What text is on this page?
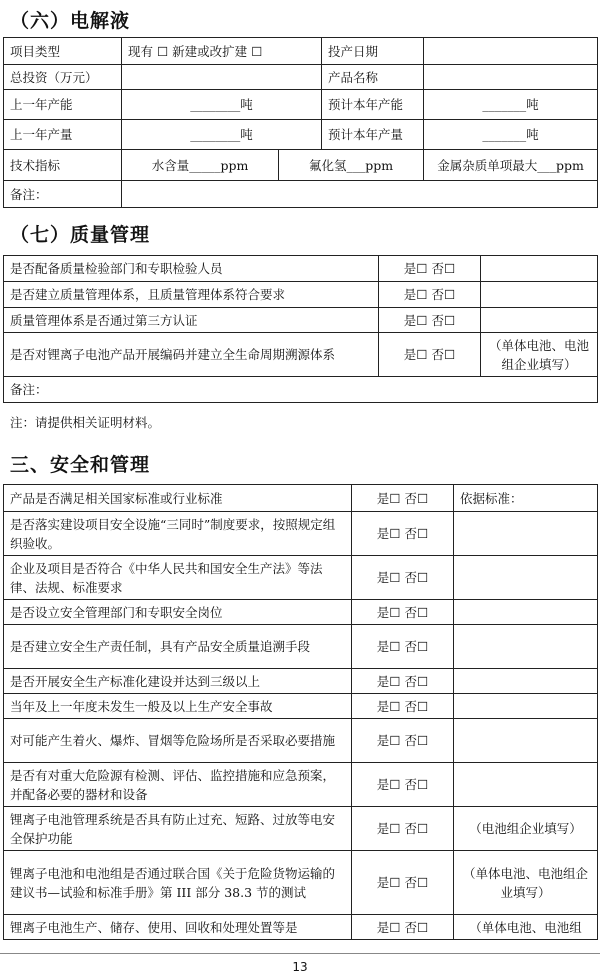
（六）电解液
项目类型	现有 ☐ 新建或改扩建 ☐		投产日期	
总投资（万元）			产品名称	
上一年产能	________吨		预计本年产能	_______吨
上一年产量	________吨		预计本年产量	_______吨
技术指标	水含量_____ppm	氟化氢___ppm		金属杂质单项最大___ppm
备注：				
（七）质量管理
是否配备质量检验部门和专职检验人员	是☐ 否☐	
是否建立质量管理体系，且质量管理体系符合要求	是☐ 否☐	
质量管理体系是否通过第三方认证	是☐ 否☐	
是否对锂离子电池产品开展编码并建立全生命周期溯源体系	是☐ 否☐	（单体电池、电池组企业填写）
备注：		
注：请提供相关证明材料。
三、安全和管理
产品是否满足相关国家标准或行业标准	是☐ 否☐	依据标准：
是否落实建设项目安全设施“三同时”制度要求，按照规定组织验收。	是☐ 否☐	
企业及项目是否符合《中华人民共和国安全生产法》等法律、法规、标准要求	是☐ 否☐	
是否设立安全管理部门和专职安全岗位	是☐ 否☐	
是否建立安全生产责任制，具有产品安全质量追溯手段	是☐ 否☐	
是否开展安全生产标准化建设并达到三级以上	是☐ 否☐	
当年及上一年度未发生一般及以上生产安全事故	是☐ 否☐	
对可能产生着火、爆炸、冒烟等危险场所是否采取必要措施	是☐ 否☐	
是否有对重大危险源有检测、评估、监控措施和应急预案，并配备必要的器材和设备	是☐ 否☐	
锂离子电池管理系统是否具有防止过充、短路、过放等电安全保护功能	是☐ 否☐	（电池组企业填写）
锂离子电池和电池组是否通过联合国《关于危险货物运输的建议书—试验和标准手册》第 III 部分 38.3 节的测试	是☐ 否☐	（单体电池、电池组企业填写）
锂离子电池生产、储存、使用、回收和处理处置等是	是☐ 否☐	（单体电池、电池组
13
